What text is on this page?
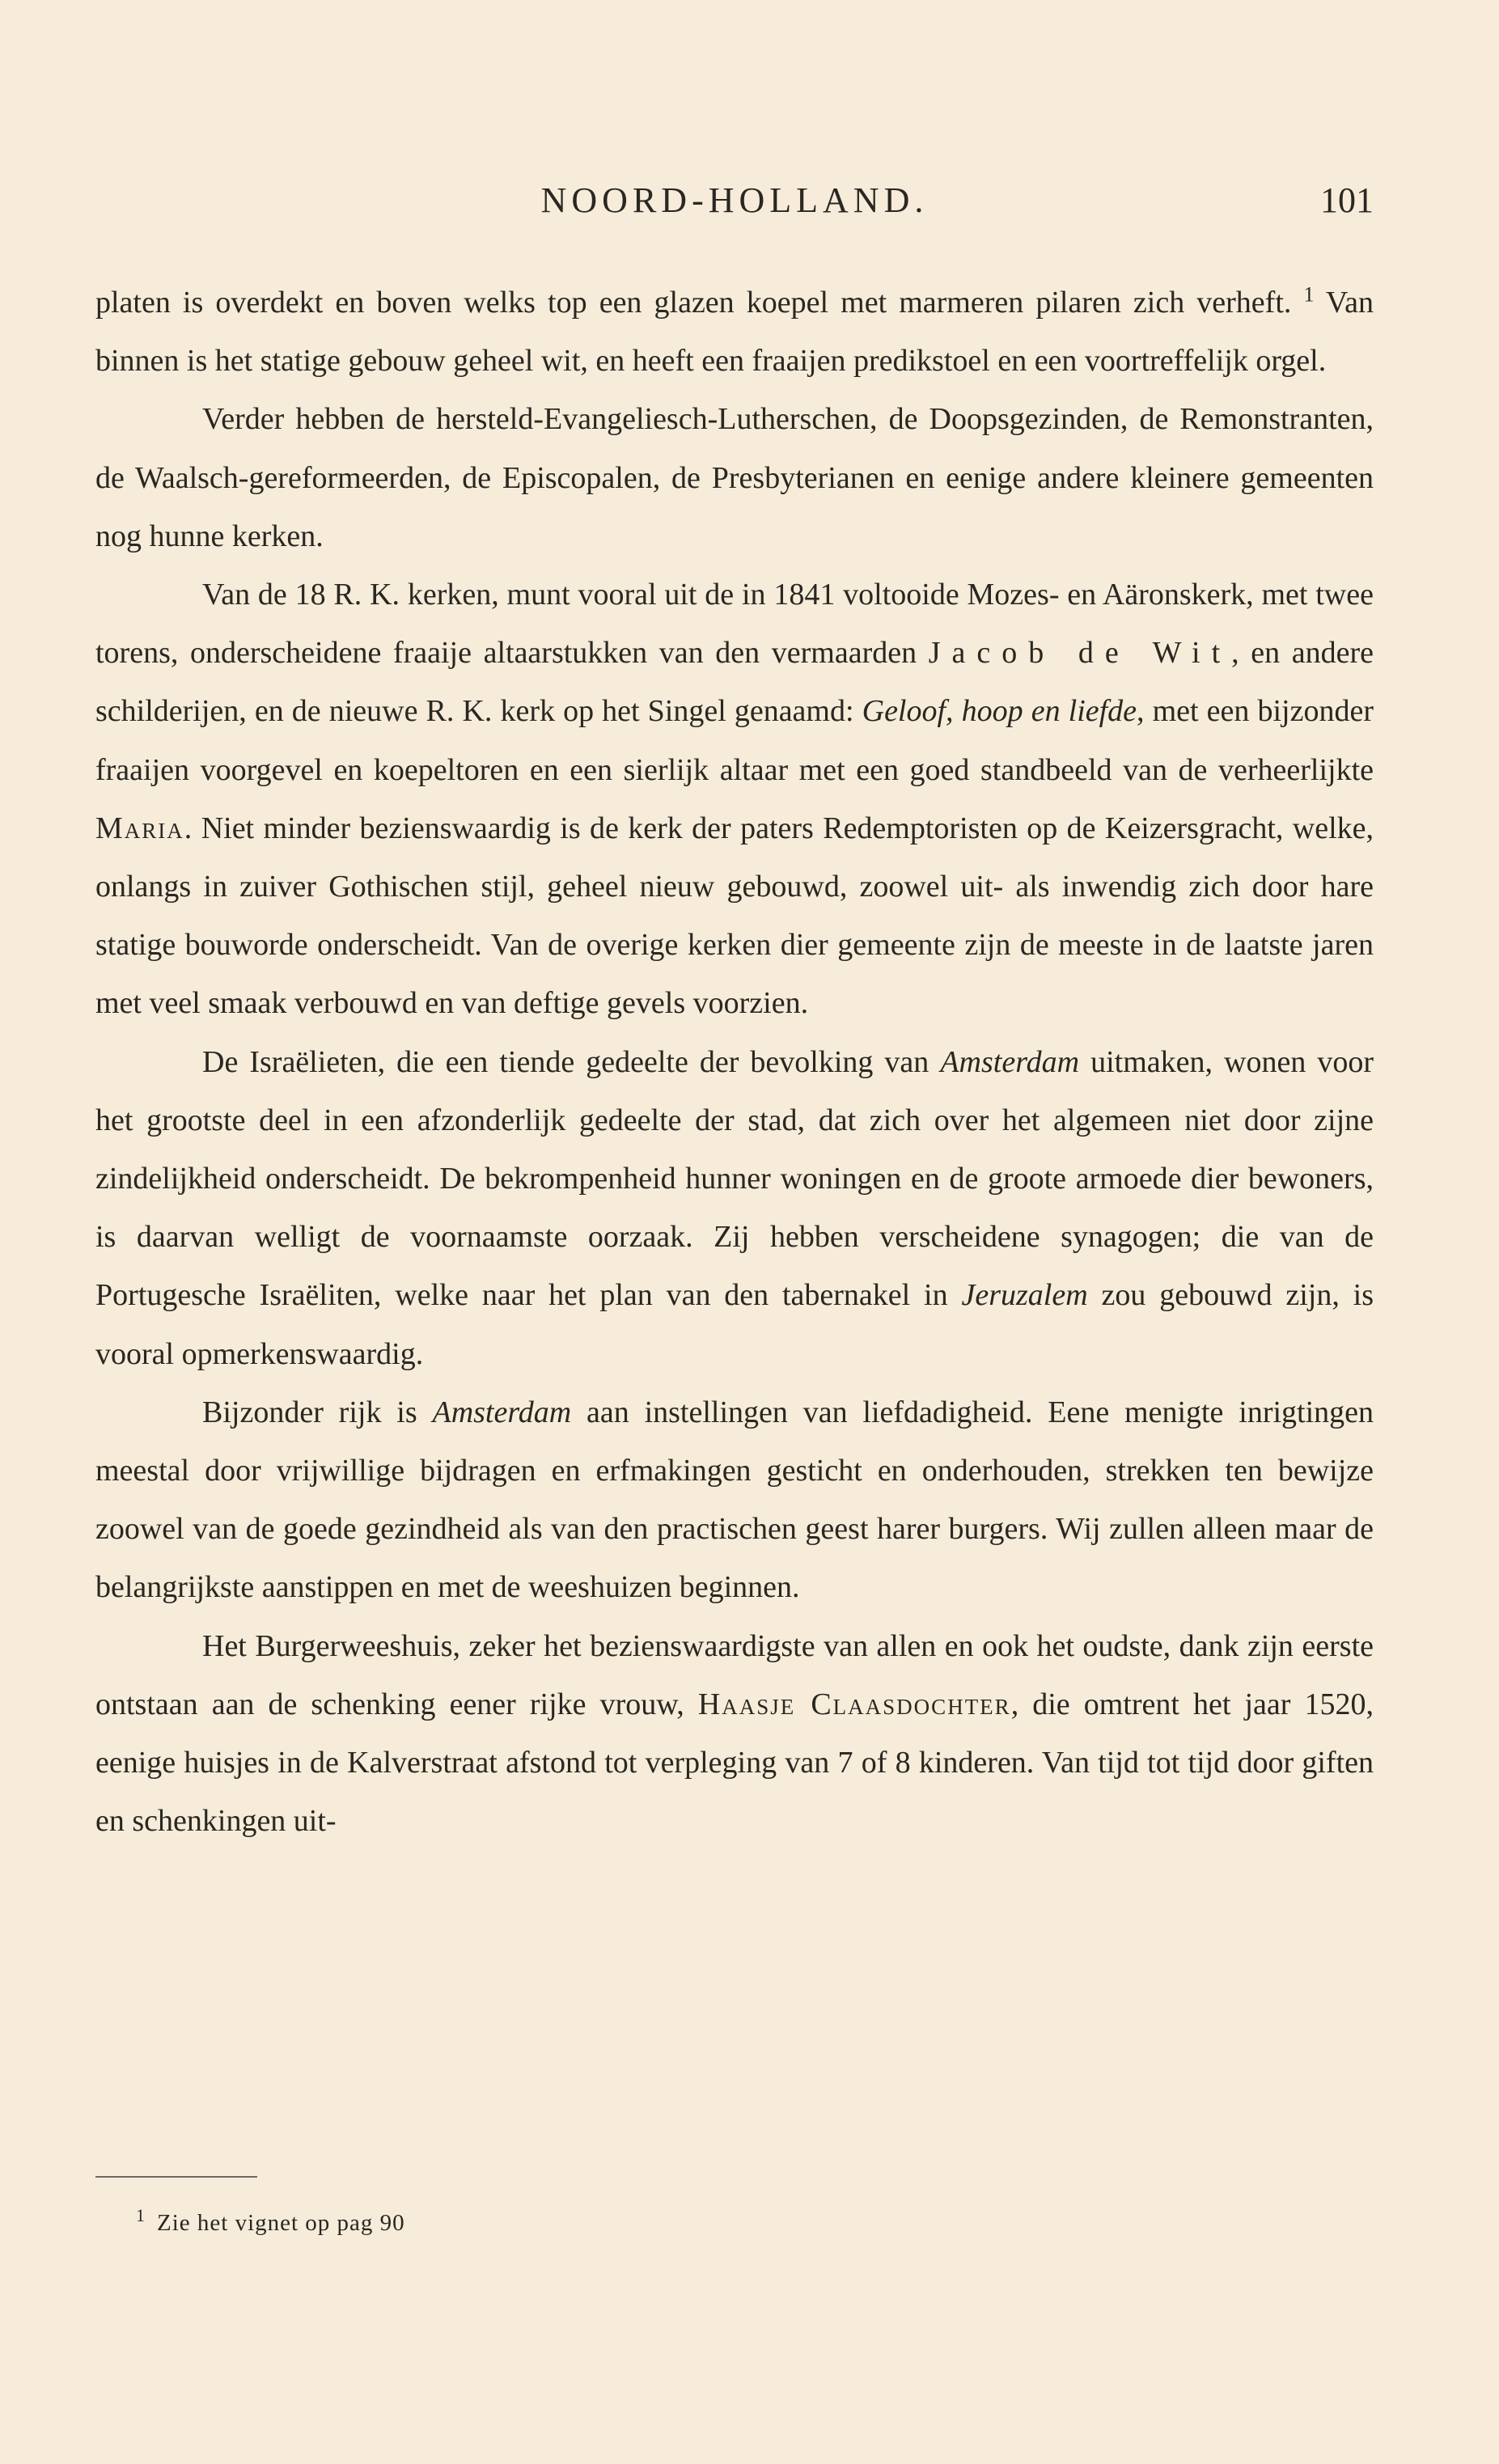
NOORD-HOLLAND.	101

platen is overdekt en boven welks top een glazen koepel met marmeren pilaren zich verheft. $^1$ Van binnen is het statige gebouw geheel wit, en heeft een fraaijen predikstoel en een voortreffelijk orgel.

Verder hebben de hersteld-Evangeliesch-Lutherschen, de Doopsgezinden, de Remonstranten, de Waalsch-gereformeerden, de Episcopalen, de Presbyterianen en eenige andere kleinere gemeenten nog hunne kerken.

Van de 18 R. K. kerken, munt vooral uit de in 1841 voltooide Mozes- en Aäronskerk, met twee torens, onderscheidene fraaije altaarstukken van den vermaarden Jacob de Wit, en andere schilderijen, en de nieuwe R. K. kerk op het Singel genaamd: Geloof, hoop en liefde, met een bijzonder fraaijen voorgevel en koepeltoren en een sierlijk altaar met een goed standbeeld van de verheerlijkte Maria. Niet minder bezienswaardig is de kerk der paters Redemptoristen op de Keizersgracht, welke, onlangs in zuiver Gothischen stijl, geheel nieuw gebouwd, zoowel uit- als inwendig zich door hare statige bouworde onderscheidt. Van de overige kerken dier gemeente zijn de meeste in de laatste jaren met veel smaak verbouwd en van deftige gevels voorzien.

De Israëlieten, die een tiende gedeelte der bevolking van Amsterdam uitmaken, wonen voor het grootste deel in een afzonderlijk gedeelte der stad, dat zich over het algemeen niet door zijne zindelijkheid onderscheidt. De bekrompenheid hunner woningen en de groote armoede dier bewoners, is daarvan welligt de voornaamste oorzaak. Zij hebben verscheidene synagogen; die van de Portugesche Israëliten, welke naar het plan van den tabernakel in Jeruzalem zou gebouwd zijn, is vooral opmerkenswaardig.

Bijzonder rijk is Amsterdam aan instellingen van liefdadigheid. Eene menigte inrigtingen meestal door vrijwillige bijdragen en erfmakingen gesticht en onderhouden, strekken ten bewijze zoowel van de goede gezindheid als van den practischen geest harer burgers. Wij zullen alleen maar de belangrijkste aanstippen en met de weeshuizen beginnen.

Het Burgerweeshuis, zeker het bezienswaardigste van allen en ook het oudste, dank zijn eerste ontstaan aan de schenking eener rijke vrouw, Haasje Claasdochter, die omtrent het jaar 1520, eenige huisjes in de Kalverstraat afstond tot verpleging van 7 of 8 kinderen. Van tijd tot tijd door giften en schenkingen uit-

$^1$ Zie het vignet op pag 90
